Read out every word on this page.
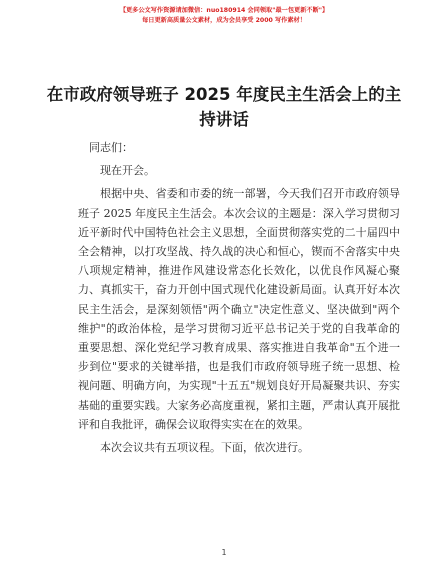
【更多公文写作资源请加微信：nuo180914 会同领取"最一包更新不断"】
每日更新高质量公文素材，成为会员享受 2000 写作素材！
在市政府领导班子 2025 年度民主生活会上的主持讲话

同志们：

现在开会。

根据中央、省委和市委的统一部署，今天我们召开市政府领导班子 2025 年度民主生活会。本次会议的主题是：深入学习贯彻习近平新时代中国特色社会主义思想，全面贯彻落实党的二十届四中全会精神，以打攻坚战、持久战的决心和恒心，锲而不舍落实中央八项规定精神，推进作风建设常态化长效化，以优良作风凝心聚力、真抓实干，奋力开创中国式现代化建设新局面。认真开好本次民主生活会，是深刻领悟"两个确立"决定性意义、坚决做到"两个维护"的政治体检，是学习贯彻习近平总书记关于党的自我革命的重要思想、深化党纪学习教育成果、落实推进自我革命"五个进一步到位"要求的关键举措，也是我们市政府领导班子统一思想、检视问题、明确方向，为实现"十五五"规划良好开局凝聚共识、夯实基础的重要实践。大家务必高度重视，紧扣主题，严肃认真开展批评和自我批评，确保会议取得实实在在的效果。

本次会议共有五项议程。下面，依次进行。

1
